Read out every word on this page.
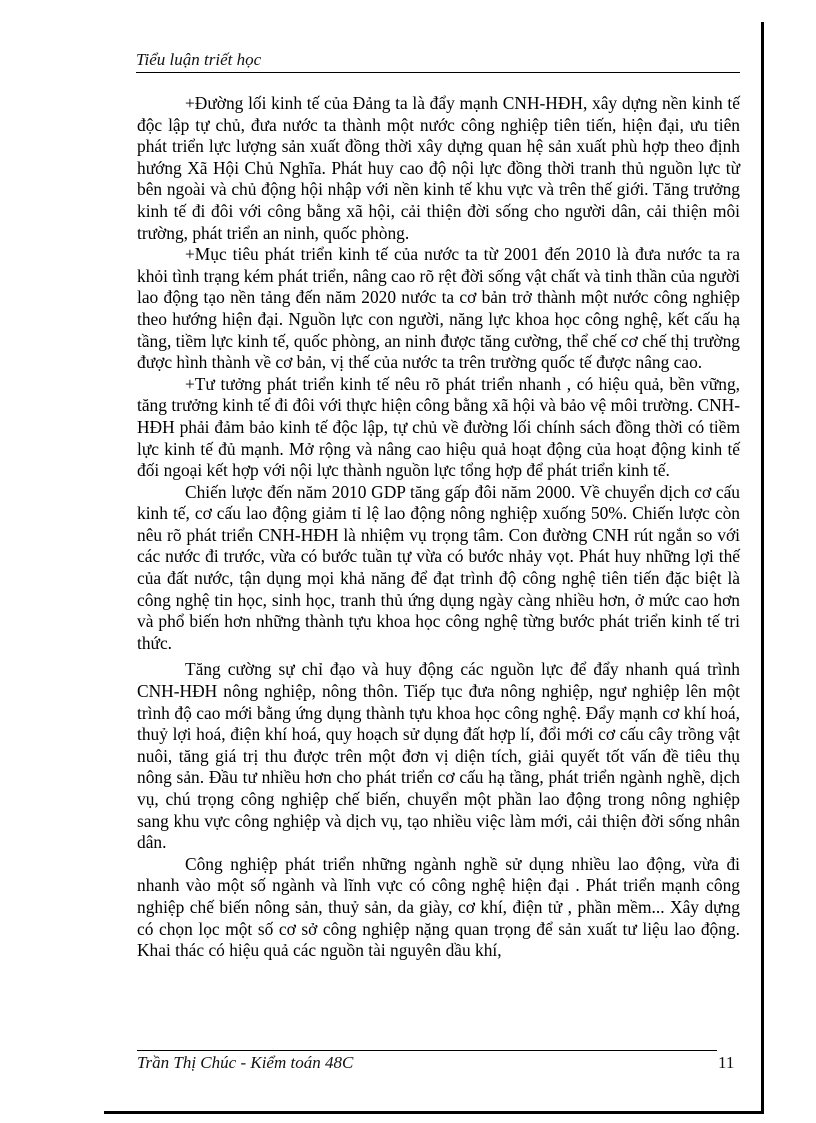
Tiểu luận triết học

+Đường lối kinh tế của Đảng ta là đẩy mạnh CNH-HĐH, xây dựng nền kinh tế độc lập tự chủ, đưa nước ta thành một nước công nghiệp tiên tiến, hiện đại, ưu tiên phát triển lực lượng sản xuất đồng thời xây dựng quan hệ sản xuất phù hợp theo định hướng Xã Hội Chủ Nghĩa. Phát huy cao độ nội lực đồng thời tranh thủ nguồn lực từ bên ngoài và chủ động hội nhập với nền kinh tế khu vực và trên thế giới. Tăng trưởng kinh tế đi đôi với công bằng xã hội, cải thiện đời sống cho người dân, cải thiện môi trường, phát triển an ninh, quốc phòng.

+Mục tiêu phát triển kinh tế của nước ta từ 2001 đến 2010 là đưa nước ta ra khỏi tình trạng kém phát triển, nâng cao rõ rệt đời sống vật chất và tinh thần của người lao động tạo nền tảng đến năm 2020 nước ta cơ bản trở thành một nước công nghiệp theo hướng hiện đại. Nguồn lực con người, năng lực khoa học công nghệ, kết cấu hạ tầng, tiềm lực kinh tế, quốc phòng, an ninh được tăng cường, thể chế cơ chế thị trường được hình thành về cơ bản, vị thế của nước ta trên trường quốc tế được nâng cao.

+Tư tưởng phát triển kinh tế nêu rõ phát triển nhanh , có hiệu quả, bền vững, tăng trưởng kinh tế đi đôi với thực hiện công bằng xã hội và bảo vệ môi trường. CNH-HĐH phải đảm bảo kinh tế độc lập, tự chủ về đường lối chính sách đồng thời có tiềm lực kinh tế đủ mạnh. Mở rộng và nâng cao hiệu quả hoạt động của hoạt động kinh tế đối ngoại kết hợp với nội lực thành nguồn lực tổng hợp để phát triển kinh tế.

Chiến lược đến năm 2010 GDP tăng gấp đôi năm 2000. Về chuyển dịch cơ cấu kinh tế, cơ cấu lao động giảm tỉ lệ lao động nông nghiệp xuống 50%. Chiến lược còn nêu rõ phát triển CNH-HĐH là nhiệm vụ trọng tâm. Con đường CNH rút ngắn so với các nước đi trước, vừa có bước tuần tự vừa có bước nhảy vọt. Phát huy những lợi thế của đất nước, tận dụng mọi khả năng để đạt trình độ công nghệ tiên tiến đặc biệt là công nghệ tin học, sinh học, tranh thủ ứng dụng ngày càng nhiều hơn, ở mức cao hơn và phổ biến hơn những thành tựu khoa học công nghệ từng bước phát triển kinh tế tri thức.

Tăng cường sự chỉ đạo và huy động các nguồn lực để đẩy nhanh quá trình CNH-HĐH nông nghiệp, nông thôn. Tiếp tục đưa nông nghiệp, ngư nghiệp lên một trình độ cao mới bằng ứng dụng thành tựu khoa học công nghệ. Đẩy mạnh cơ khí hoá, thuỷ lợi hoá, điện khí hoá, quy hoạch sử dụng đất hợp lí, đổi mới cơ cấu cây trồng vật nuôi, tăng giá trị thu được trên một đơn vị diện tích, giải quyết tốt vấn đề tiêu thụ nông sản. Đầu tư nhiều hơn cho phát triển cơ cấu hạ tầng, phát triển ngành nghề, dịch vụ, chú trọng công nghiệp chế biến, chuyển một phần lao động trong nông nghiệp sang khu vực công nghiệp và dịch vụ, tạo nhiều việc làm mới, cải thiện đời sống nhân dân.

Công nghiệp phát triển những ngành nghề sử dụng nhiều lao động, vừa đi nhanh vào một số ngành và lĩnh vực có công nghệ hiện đại . Phát triển mạnh công nghiệp chế biến nông sản, thuỷ sản, da giày, cơ khí, điện tử , phần mềm... Xây dựng có chọn lọc một số cơ sở công nghiệp nặng quan trọng để sản xuất tư liệu lao động. Khai thác có hiệu quả các nguồn tài nguyên dầu khí,

Trần Thị Chúc - Kiểm toán 48C	11
